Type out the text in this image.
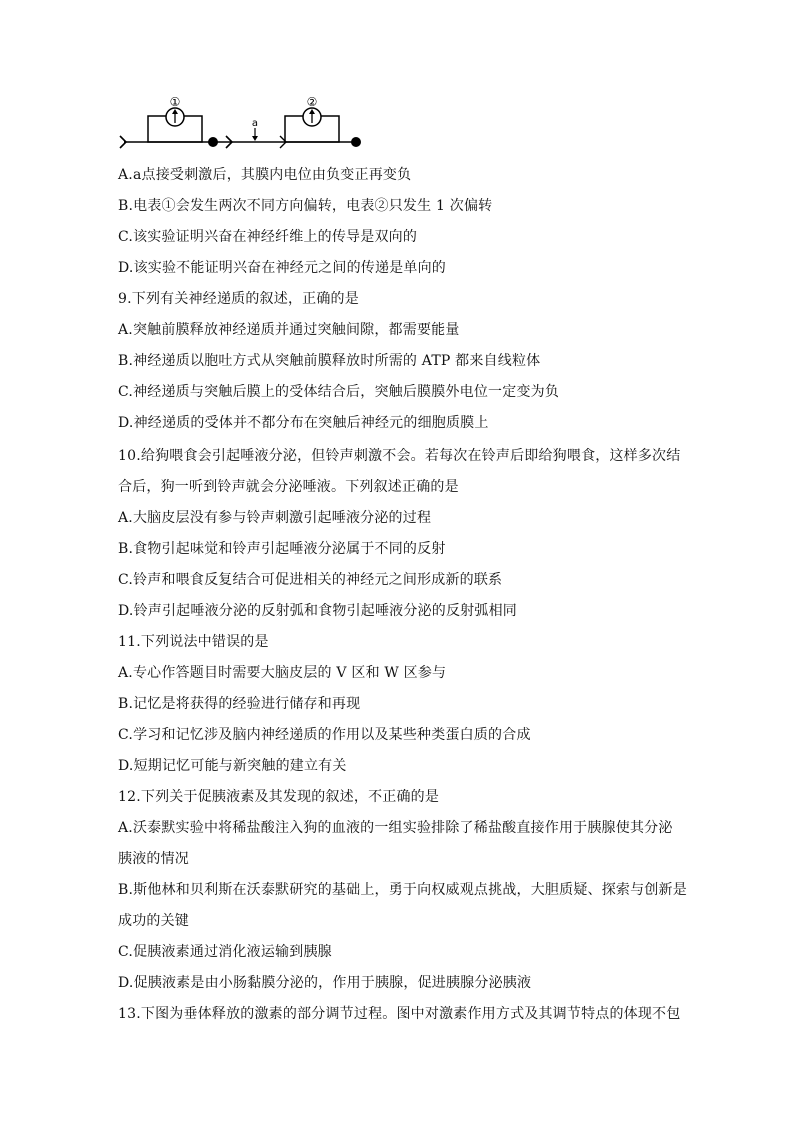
①
a
②
A.a点接受刺激后，其膜内电位由负变正再变负
B.电表①会发生两次不同方向偏转，电表②只发生 1 次偏转
C.该实验证明兴奋在神经纤维上的传导是双向的
D.该实验不能证明兴奋在神经元之间的传递是单向的
9.下列有关神经递质的叙述，正确的是
A.突触前膜释放神经递质并通过突触间隙，都需要能量
B.神经递质以胞吐方式从突触前膜释放时所需的 ATP 都来自线粒体
C.神经递质与突触后膜上的受体结合后，突触后膜膜外电位一定变为负
D.神经递质的受体并不都分布在突触后神经元的细胞质膜上
10.给狗喂食会引起唾液分泌，但铃声刺激不会。若每次在铃声后即给狗喂食，这样多次结
合后，狗一听到铃声就会分泌唾液。下列叙述正确的是
A.大脑皮层没有参与铃声刺激引起唾液分泌的过程
B.食物引起味觉和铃声引起唾液分泌属于不同的反射
C.铃声和喂食反复结合可促进相关的神经元之间形成新的联系
D.铃声引起唾液分泌的反射弧和食物引起唾液分泌的反射弧相同
11.下列说法中错误的是
A.专心作答题目时需要大脑皮层的 V 区和 W 区参与
B.记忆是将获得的经验进行储存和再现
C.学习和记忆涉及脑内神经递质的作用以及某些种类蛋白质的合成
D.短期记忆可能与新突触的建立有关
12.下列关于促胰液素及其发现的叙述，不正确的是
A.沃泰默实验中将稀盐酸注入狗的血液的一组实验排除了稀盐酸直接作用于胰腺使其分泌
胰液的情况
B.斯他林和贝利斯在沃泰默研究的基础上，勇于向权威观点挑战，大胆质疑、探索与创新是
成功的关键
C.促胰液素通过消化液运输到胰腺
D.促胰液素是由小肠黏膜分泌的，作用于胰腺，促进胰腺分泌胰液
13.下图为垂体释放的激素的部分调节过程。图中对激素作用方式及其调节特点的体现不包
